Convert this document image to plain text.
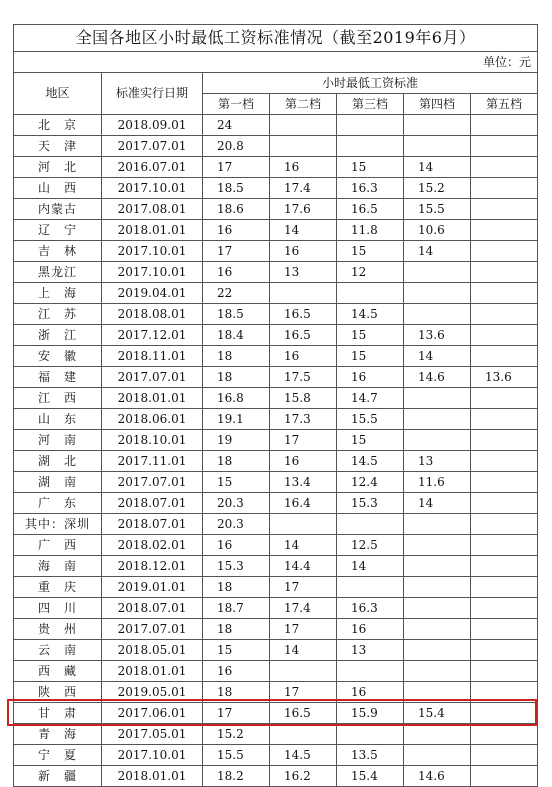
全国各地区小时最低工资标准情况（截至2019年6月）						
单位：元						
地区	标准实行日期	小时最低工资标准				
		第一档	第二档	第三档	第四档	第五档
北　京	2018.09.01	24				
天　津	2017.07.01	20.8				
河　北	2016.07.01	17	16	15	14	
山　西	2017.10.01	18.5	17.4	16.3	15.2	
内蒙古	2017.08.01	18.6	17.6	16.5	15.5	
辽　宁	2018.01.01	16	14	11.8	10.6	
吉　林	2017.10.01	17	16	15	14	
黑龙江	2017.10.01	16	13	12		
上　海	2019.04.01	22				
江　苏	2018.08.01	18.5	16.5	14.5		
浙　江	2017.12.01	18.4	16.5	15	13.6	
安　徽	2018.11.01	18	16	15	14	
福　建	2017.07.01	18	17.5	16	14.6	13.6
江　西	2018.01.01	16.8	15.8	14.7		
山　东	2018.06.01	19.1	17.3	15.5		
河　南	2018.10.01	19	17	15		
湖　北	2017.11.01	18	16	14.5	13	
湖　南	2017.07.01	15	13.4	12.4	11.6	
广　东	2018.07.01	20.3	16.4	15.3	14	
其中：深圳	2018.07.01	20.3				
广　西	2018.02.01	16	14	12.5		
海　南	2018.12.01	15.3	14.4	14		
重　庆	2019.01.01	18	17			
四　川	2018.07.01	18.7	17.4	16.3		
贵　州	2017.07.01	18	17	16		
云　南	2018.05.01	15	14	13		
西　藏	2018.01.01	16				
陕　西	2019.05.01	18	17	16		
甘　肃	2017.06.01	17	16.5	15.9	15.4	
青　海	2017.05.01	15.2				
宁　夏	2017.10.01	15.5	14.5	13.5		
新　疆	2018.01.01	18.2	16.2	15.4	14.6	
